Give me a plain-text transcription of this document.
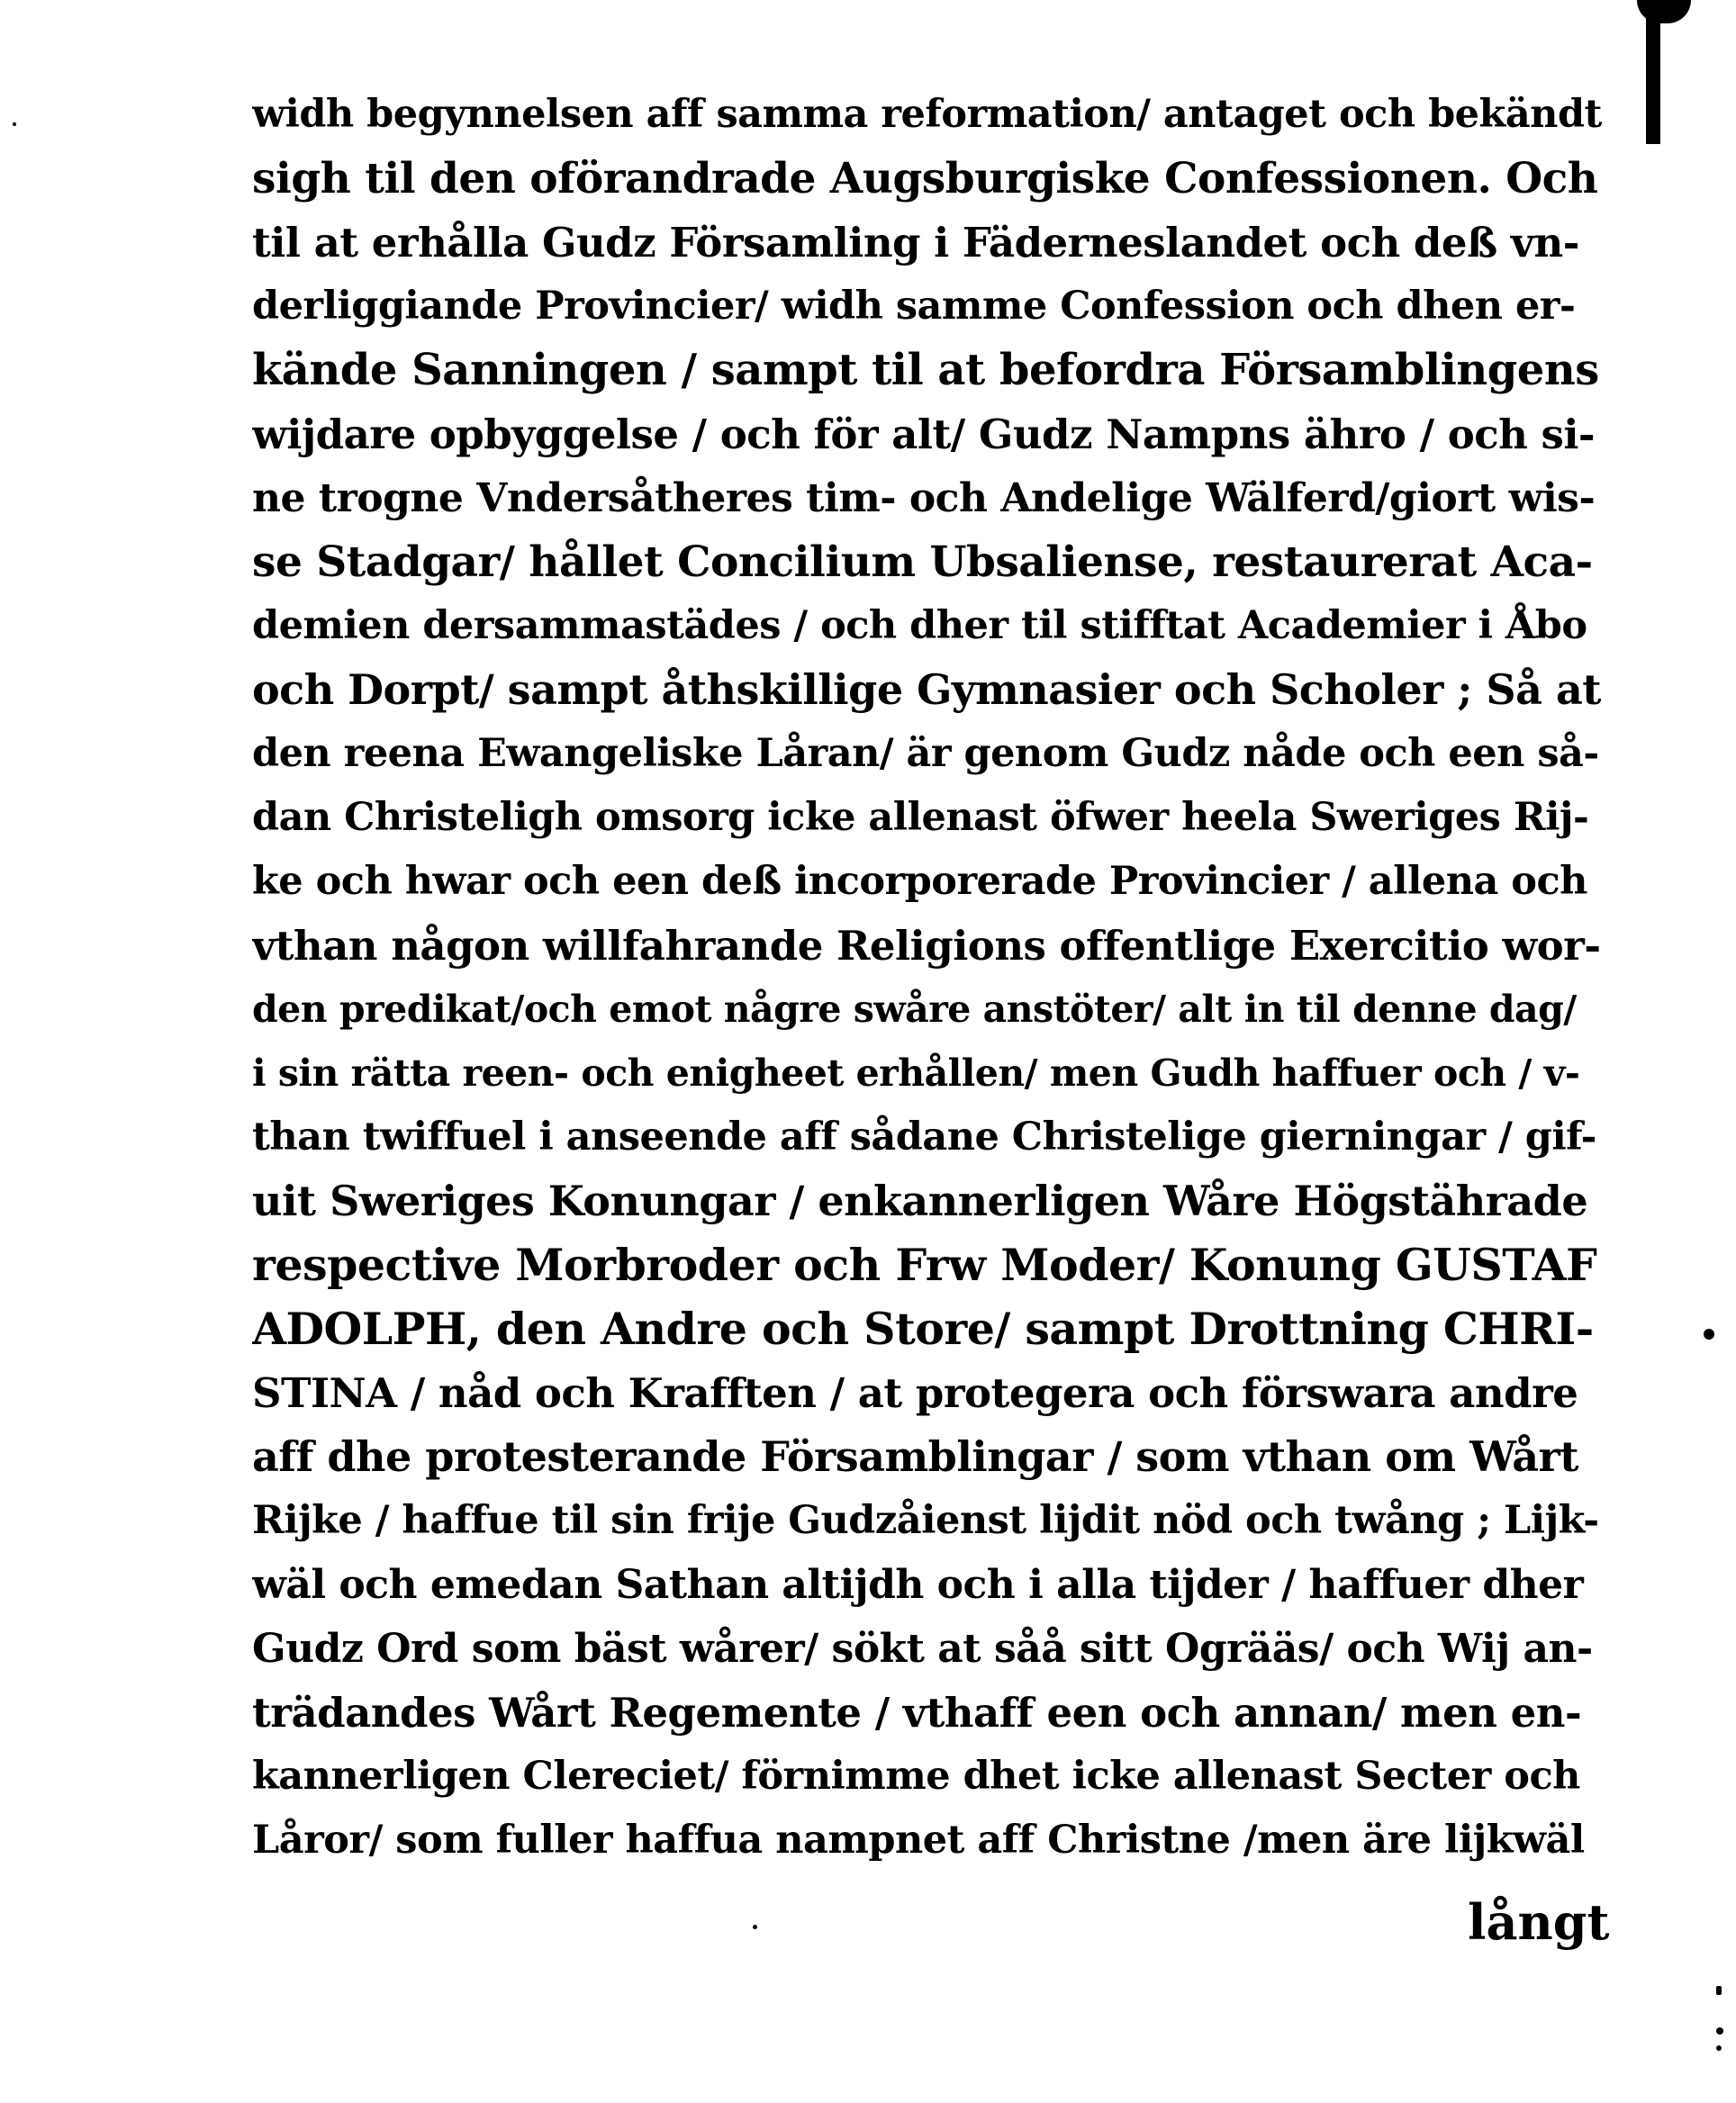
widh begynnelsen aff samma reformation/ antaget och bekändt
sigh til den oförandrade Augsburgiske Confessionen. Och
til at erhålla Gudz Församling i Fäderneslandet och deß vn-
derliggiande Provincier/ widh samme Confession och dhen er-
kände Sanningen / sampt til at befordra Församblingens
wijdare opbyggelse / och för alt/ Gudz Nampns ähro / och si-
ne trogne Vndersåtheres tim- och Andelige Wälferd/giort wis-
se Stadgar/ hållet Concilium Ubsaliense, restaurerat Aca-
demien dersammastädes / och dher til stifftat Academier i Åbo
och Dorpt/ sampt åthskillige Gymnasier och Scholer ; Så at
den reena Ewangeliske Låran/ är genom Gudz nåde och een så-
dan Christeligh omsorg icke allenast öfwer heela Sweriges Rij-
ke och hwar och een deß incorporerade Provincier / allena och
vthan någon willfahrande Religions offentlige Exercitio wor-
den predikat/och emot någre swåre anstöter/ alt in til denne dag/
i sin rätta reen- och enigheet erhållen/ men Gudh haffuer och / v-
than twiffuel i anseende aff sådane Christelige gierningar / gif-
uit Sweriges Konungar / enkannerligen Wåre Högstährade
respective Morbroder och Frw Moder/ Konung GUSTAF
ADOLPH, den Andre och Store/ sampt Drottning CHRI-
STINA / nåd och Krafften / at protegera och förswara andre
aff dhe protesterande Församblingar / som vthan om Wårt
Rijke / haffue til sin frije Gudzåienst lijdit nöd och twång ; Lijk-
wäl och emedan Sathan altijdh och i alla tijder / haffuer dher
Gudz Ord som bäst wårer/ sökt at såå sitt Ogrääs/ och Wij an-
trädandes Wårt Regemente / vthaff een och annan/ men en-
kannerligen Clereciet/ förnimme dhet icke allenast Secter och
Låror/ som fuller haffua nampnet aff Christne /men äre lijkwäl
långt
